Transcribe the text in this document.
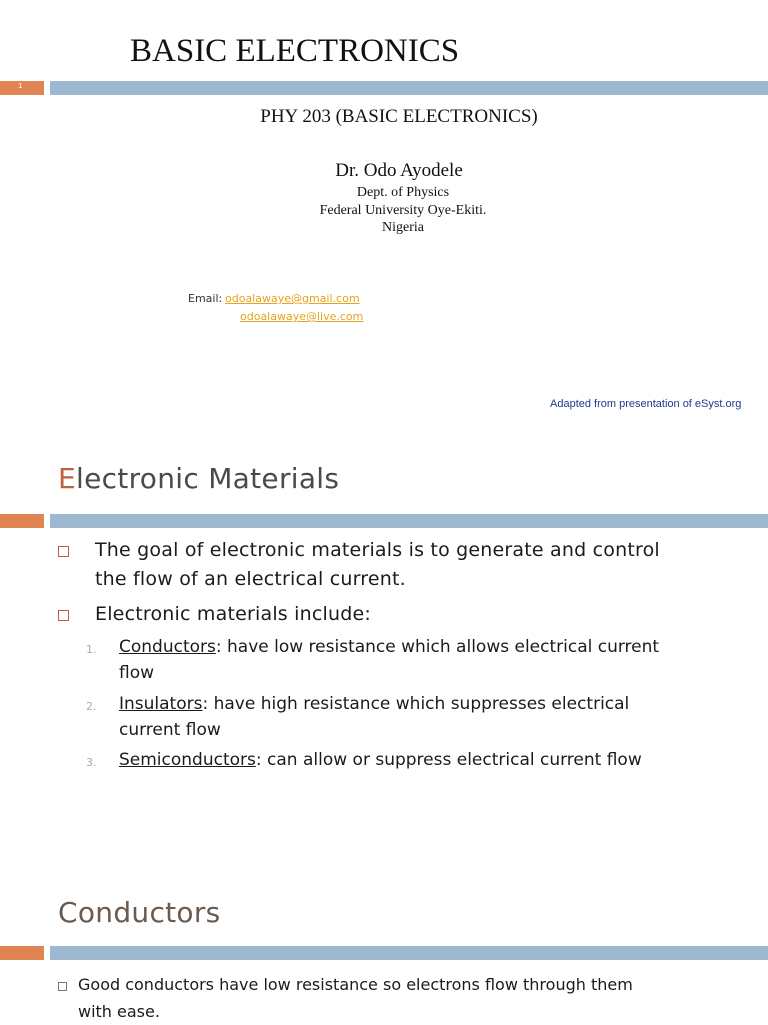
BASIC ELECTRONICS
1
PHY 203 (BASIC ELECTRONICS)
Dr. Odo Ayodele
Dept. of Physics
Federal University Oye-Ekiti.
Nigeria
Email: odoalawaye@gmail.com
odoalawaye@live.com
Adapted from presentation of eSyst.org
Electronic Materials
The goal of electronic materials is to generate and control
the flow of an electrical current.
Electronic materials include:
1. Conductors: have low resistance which allows electrical current
flow
2. Insulators: have high resistance which suppresses electrical
current flow
3. Semiconductors: can allow or suppress electrical current flow
Conductors
Good conductors have low resistance so electrons flow through them
with ease.
